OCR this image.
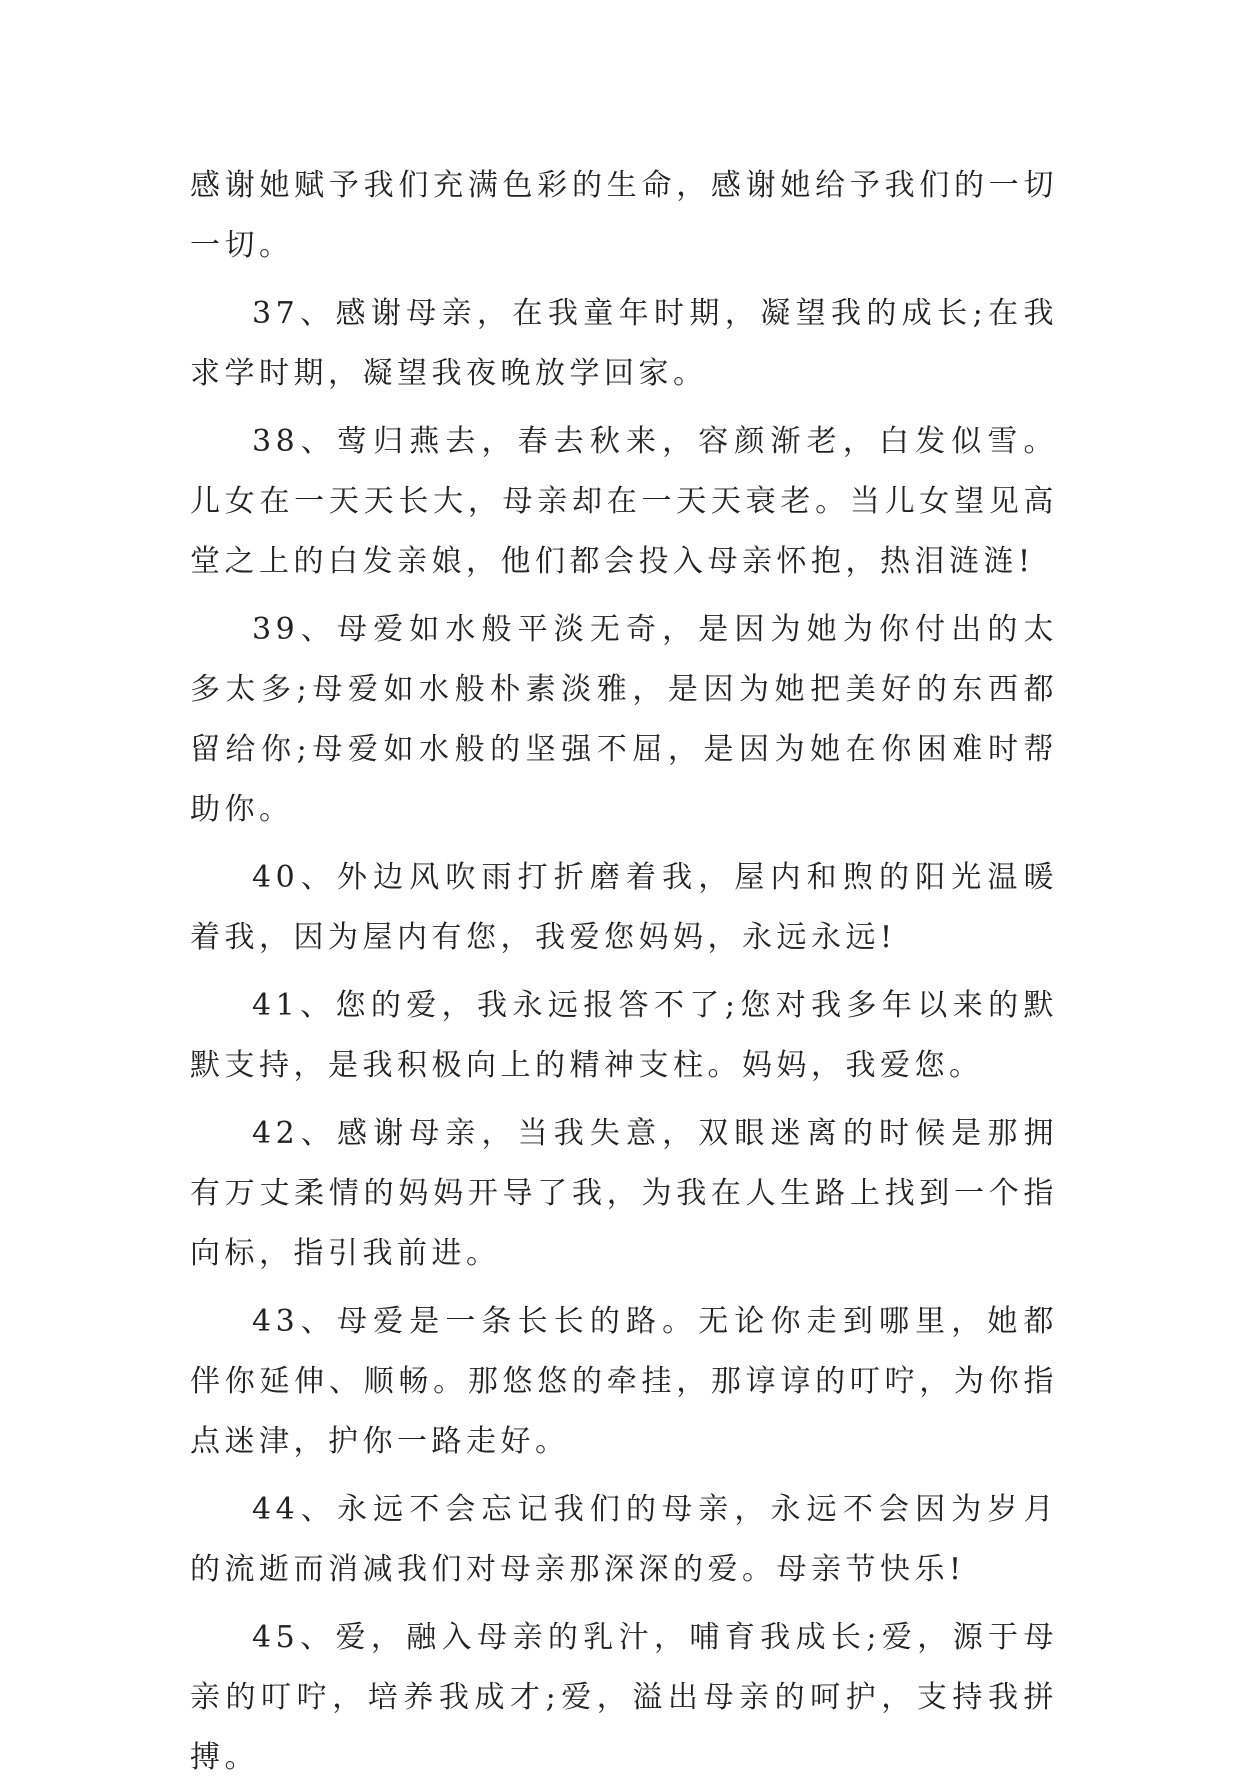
感谢她赋予我们充满色彩的生命，感谢她给予我们的一切一切。

37、感谢母亲，在我童年时期，凝望我的成长;在我求学时期，凝望我夜晚放学回家。

38、莺归燕去，春去秋来，容颜渐老，白发似雪。儿女在一天天长大，母亲却在一天天衰老。当儿女望见高堂之上的白发亲娘，他们都会投入母亲怀抱，热泪涟涟!

39、母爱如水般平淡无奇，是因为她为你付出的太多太多;母爱如水般朴素淡雅，是因为她把美好的东西都留给你;母爱如水般的坚强不屈，是因为她在你困难时帮助你。

40、外边风吹雨打折磨着我，屋内和煦的阳光温暖着我，因为屋内有您，我爱您妈妈，永远永远!

41、您的爱，我永远报答不了;您对我多年以来的默默支持，是我积极向上的精神支柱。妈妈，我爱您。

42、感谢母亲，当我失意，双眼迷离的时候是那拥有万丈柔情的妈妈开导了我，为我在人生路上找到一个指向标，指引我前进。

43、母爱是一条长长的路。无论你走到哪里，她都伴你延伸、顺畅。那悠悠的牵挂，那谆谆的叮咛，为你指点迷津，护你一路走好。

44、永远不会忘记我们的母亲，永远不会因为岁月的流逝而消减我们对母亲那深深的爱。母亲节快乐!

45、爱，融入母亲的乳汁，哺育我成长;爱，源于母亲的叮咛，培养我成才;爱，溢出母亲的呵护，支持我拼搏。
